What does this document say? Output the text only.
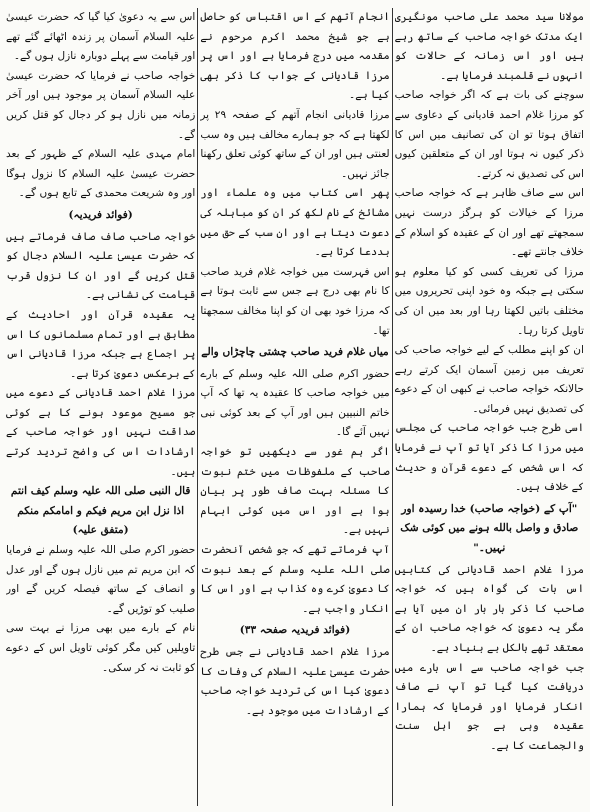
مولانا سید محمد علی صاحب مونگیری ایک مدتک خواجہ صاحب کے ساتھ رہے ہیں اور اس زمانہ کے حالات کو انہوں نے قلمبند فرمایا ہے۔

سوچنے کی بات ہے کہ اگر خواجہ صاحب کو مرزا غلام احمد قادیانی کے دعاوی سے اتفاق ہوتا تو ان کی تصانیف میں اس کا ذکر کیوں نہ ہوتا اور ان کے متعلقین کیوں اس کی تصدیق نہ کرتے۔

اس سے صاف ظاہر ہے کہ خواجہ صاحب مرزا کے خیالات کو ہرگز درست نہیں سمجھتے تھے اور ان کے عقیدہ کو اسلام کے خلاف جانتے تھے۔

مرزا کی تعریف کسی کو کیا معلوم ہو سکتی ہے جبکہ وہ خود اپنی تحریروں میں مختلف باتیں لکھتا رہا اور بعد میں ان کی تاویل کرتا رہا۔

ان کو اپنے مطلب کے لیے خواجہ صاحب کی تعریف میں زمین آسمان ایک کرتے رہے حالانکہ خواجہ صاحب نے کبھی ان کے دعوے کی تصدیق نہیں فرمائی۔

اسی طرح جب خواجہ صاحب کی مجلس میں مرزا کا ذکر آیا تو آپ نے فرمایا کہ اس شخص کے دعوے قرآن و حدیث کے خلاف ہیں۔

"آپ کے (خواجہ صاحب) خدا رسیدہ اور صادق و واصل بالله ہونے میں کوئی شک نہیں۔"

مرزا غلام احمد قادیانی کی کتابیں اس بات کی گواہ ہیں کہ خواجہ صاحب کا ذکر بار بار ان میں آیا ہے مگر یہ دعویٰ کہ خواجہ صاحب ان کے معتقد تھے بالکل بے بنیاد ہے۔

جب خواجہ صاحب سے اس بارے میں دریافت کیا گیا تو آپ نے صاف انکار فرمایا اور فرمایا کہ ہمارا عقیدہ وہی ہے جو اہل سنت والجماعت کا ہے۔

انجام آتھم کے اس اقتباس کو حاصل ہے جو شیخ محمد اکرم مرحوم نے مقدمہ میں درج فرمایا ہے اور اس پر مرزا قادیانی کے جواب کا ذکر بھی کیا ہے۔

مرزا قادیانی انجام آتھم کے صفحہ ۲۹ پر لکھتا ہے کہ جو ہمارے مخالف ہیں وہ سب لعنتی ہیں اور ان کے ساتھ کوئی تعلق رکھنا جائز نہیں۔

پھر اسی کتاب میں وہ علماء اور مشائخ کے نام لکھ کر ان کو مباہلہ کی دعوت دیتا ہے اور ان سب کے حق میں بددعا کرتا ہے۔

اس فہرست میں خواجہ غلام فرید صاحب کا نام بھی درج ہے جس سے ثابت ہوتا ہے کہ مرزا خود بھی ان کو اپنا مخالف سمجھتا تھا۔

میاں غلام فرید صاحب چشتی چاچڑاں والے

حضور اکرم صلی اللہ علیہ وسلم کے بارے میں خواجہ صاحب کا عقیدہ یہ تھا کہ آپ خاتم النبیین ہیں اور آپ کے بعد کوئی نبی نہیں آئے گا۔

اگر ہم غور سے دیکھیں تو خواجہ صاحب کے ملفوظات میں ختم نبوت کا مسئلہ بہت صاف طور پر بیان ہوا ہے اور اس میں کوئی ابہام نہیں ہے۔

آپ فرماتے تھے کہ جو شخص آنحضرت صلی اللہ علیہ وسلم کے بعد نبوت کا دعویٰ کرے وہ کذاب ہے اور اس کا انکار واجب ہے۔

(فوائد فریدیہ صفحہ ۳۳)

مرزا غلام احمد قادیانی نے جس طرح حضرت عیسیٰ علیہ السلام کی وفات کا دعویٰ کیا اس کی تردید خواجہ صاحب کے ارشادات میں موجود ہے۔

اس سے یہ دعویٰ کیا گیا کہ حضرت عیسیٰ علیہ السلام آسمان پر زندہ اٹھائے گئے تھے اور قیامت سے پہلے دوبارہ نازل ہوں گے۔

خواجہ صاحب نے فرمایا کہ حضرت عیسیٰ علیہ السلام آسمان پر موجود ہیں اور آخر زمانہ میں نازل ہو کر دجال کو قتل کریں گے۔

امام مہدی علیہ السلام کے ظہور کے بعد حضرت عیسیٰ علیہ السلام کا نزول ہوگا اور وہ شریعت محمدی کے تابع ہوں گے۔

(فوائد فریدیہ)

خواجہ صاحب صاف صاف فرماتے ہیں کہ حضرت عیسیٰ علیہ السلام دجال کو قتل کریں گے اور ان کا نزول قرب قیامت کی نشانی ہے۔

یہ عقیدہ قرآن اور احادیث کے مطابق ہے اور تمام مسلمانوں کا اس پر اجماع ہے جبکہ مرزا قادیانی اس کے برعکس دعویٰ کرتا ہے۔

مرزا غلام احمد قادیانی کے دعوے میں جو مسیح موعود ہونے کا ہے کوئی صداقت نہیں اور خواجہ صاحب کے ارشادات اس کی واضح تردید کرتے ہیں۔

قال النبی صلی اللہ علیہ وسلم کیف انتم اذا نزل ابن مریم فیکم و امامکم منکم

(متفق علیہ)

حضور اکرم صلی اللہ علیہ وسلم نے فرمایا کہ ابن مریم تم میں نازل ہوں گے اور عدل و انصاف کے ساتھ فیصلہ کریں گے اور صلیب کو توڑیں گے۔

نام کے بارے میں بھی مرزا نے بہت سی تاویلیں کیں مگر کوئی تاویل اس کے دعوے کو ثابت نہ کر سکی۔
